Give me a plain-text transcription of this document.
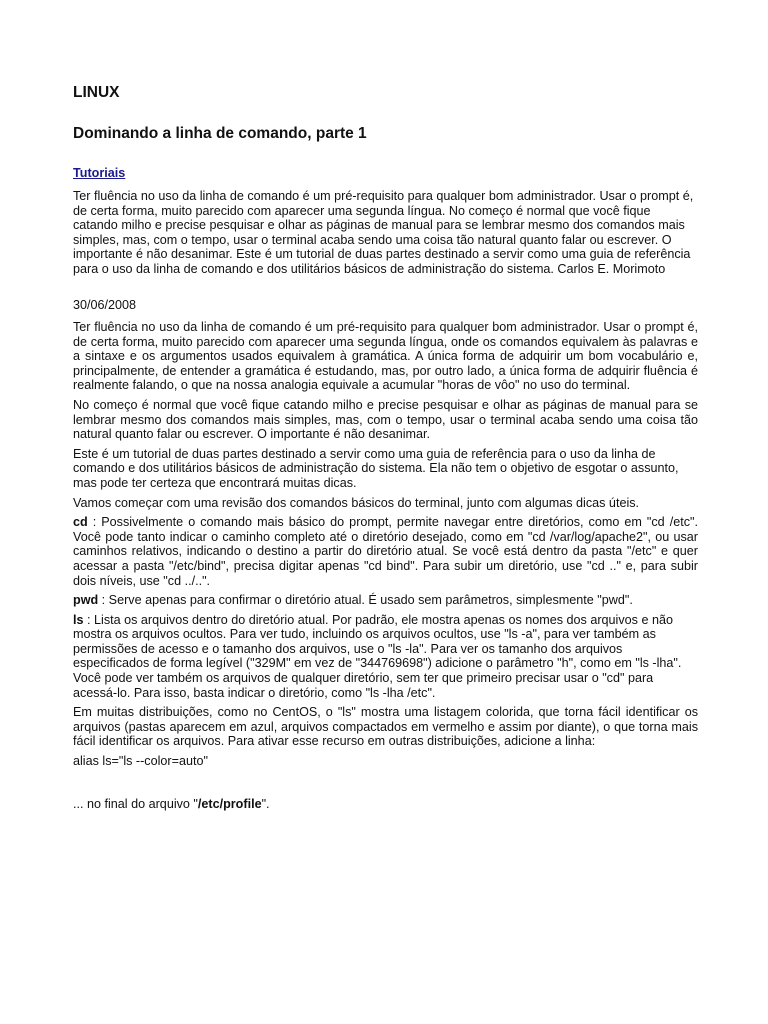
LINUX
Dominando a linha de comando, parte 1
Tutoriais
Ter fluência no uso da linha de comando é um pré-requisito para qualquer bom administrador. Usar o prompt é, de certa forma, muito parecido com aparecer uma segunda língua. No começo é normal que você fique catando milho e precise pesquisar e olhar as páginas de manual para se lembrar mesmo dos comandos mais simples, mas, com o tempo, usar o terminal acaba sendo uma coisa tão natural quanto falar ou escrever. O importante é não desanimar. Este é um tutorial de duas partes destinado a servir como uma guia de referência para o uso da linha de comando e dos utilitários básicos de administração do sistema. Carlos E. Morimoto
30/06/2008

Ter fluência no uso da linha de comando é um pré-requisito para qualquer bom administrador. Usar o prompt é, de certa forma, muito parecido com aparecer uma segunda língua, onde os comandos equivalem às palavras e a sintaxe e os argumentos usados equivalem à gramática. A única forma de adquirir um bom vocabulário e, principalmente, de entender a gramática é estudando, mas, por outro lado, a única forma de adquirir fluência é realmente falando, o que na nossa analogia equivale a acumular "horas de vôo" no uso do terminal.

No começo é normal que você fique catando milho e precise pesquisar e olhar as páginas de manual para se lembrar mesmo dos comandos mais simples, mas, com o tempo, usar o terminal acaba sendo uma coisa tão natural quanto falar ou escrever. O importante é não desanimar.

Este é um tutorial de duas partes destinado a servir como uma guia de referência para o uso da linha de comando e dos utilitários básicos de administração do sistema. Ela não tem o objetivo de esgotar o assunto, mas pode ter certeza que encontrará muitas dicas.

Vamos começar com uma revisão dos comandos básicos do terminal, junto com algumas dicas úteis.

cd : Possivelmente o comando mais básico do prompt, permite navegar entre diretórios, como em "cd /etc". Você pode tanto indicar o caminho completo até o diretório desejado, como em "cd /var/log/apache2", ou usar caminhos relativos, indicando o destino a partir do diretório atual. Se você está dentro da pasta "/etc" e quer acessar a pasta "/etc/bind", precisa digitar apenas "cd bind". Para subir um diretório, use "cd .." e, para subir dois níveis, use "cd ../..".

pwd : Serve apenas para confirmar o diretório atual. É usado sem parâmetros, simplesmente "pwd".

ls : Lista os arquivos dentro do diretório atual. Por padrão, ele mostra apenas os nomes dos arquivos e não mostra os arquivos ocultos. Para ver tudo, incluindo os arquivos ocultos, use "ls -a", para ver também as permissões de acesso e o tamanho dos arquivos, use o "ls -la". Para ver os tamanho dos arquivos especificados de forma legível ("329M" em vez de "344769698") adicione o parâmetro "h", como em "ls -lha". Você pode ver também os arquivos de qualquer diretório, sem ter que primeiro precisar usar o "cd" para acessá-lo. Para isso, basta indicar o diretório, como "ls -lha /etc".

Em muitas distribuições, como no CentOS, o "ls" mostra uma listagem colorida, que torna fácil identificar os arquivos (pastas aparecem em azul, arquivos compactados em vermelho e assim por diante), o que torna mais fácil identificar os arquivos. Para ativar esse recurso em outras distribuições, adicione a linha:

alias ls="ls --color=auto"

... no final do arquivo "/etc/profile".
